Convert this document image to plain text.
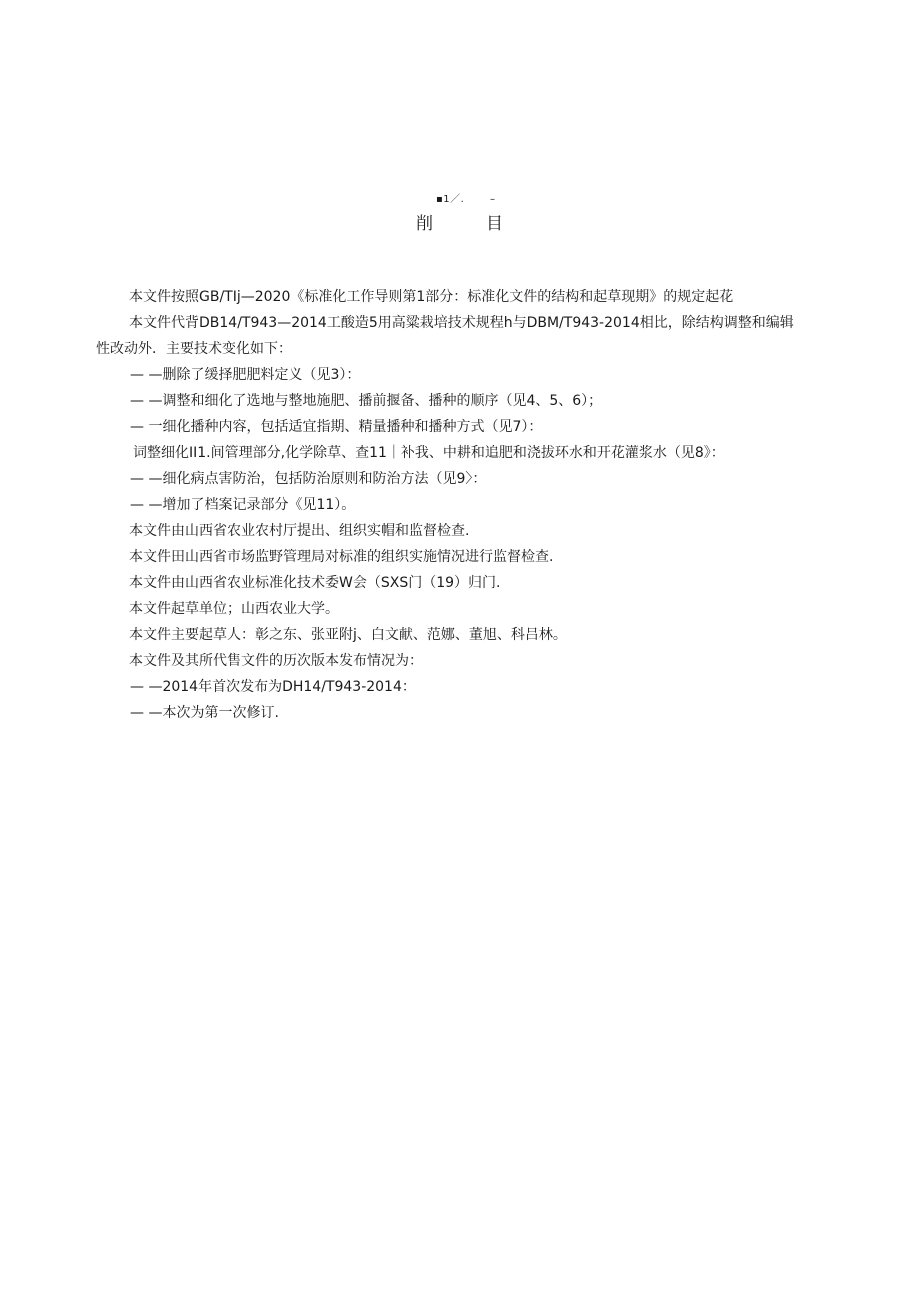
▪1／.	–
削	目

本文件按照GB/TIj—2020《标准化工作导则第1部分：标准化文件的结构和起草现期》的规定起花

本文件代背DB14/T943—2014工酸造5用高粱栽培技术规程h与DBM/T943-2014相比，除结构调整和编辑

性改动外．主要技术变化如下：

— —删除了缓择肥肥料定义（见3）：

— —调整和细化了选地与整地施肥、播前揠备、播种的顺序（见4、5、6）；

— 一细化播种内容，包括适宜指期、精量播种和播种方式（见7）：

词整细化II1.间管理部分,化学除草、查11｜补我、中耕和追肥和浇拔环水和开花灌浆水（见8》：

— —细化病点害防治，包括防治原则和防治方法（见9〉：

— —增加了档案记录部分《见11）。

本文件由山西省农业农村厅提出、组织实帽和监督检查.

本文件田山西省市场监野管理局对标准的组织实施情况进行监督检查.

本文件由山西省农业标准化技术委W会（SXS门（19）归门.

本文件起草单位；山西农业大学。

本文件主要起草人：彰之东、张亚附j、白文献、范娜、董旭、科吕林。

本文件及其所代售文件的历次版本发布情况为：

— —2014年首次发布为DH14/T943-2014：

— —本次为第一次修订.
